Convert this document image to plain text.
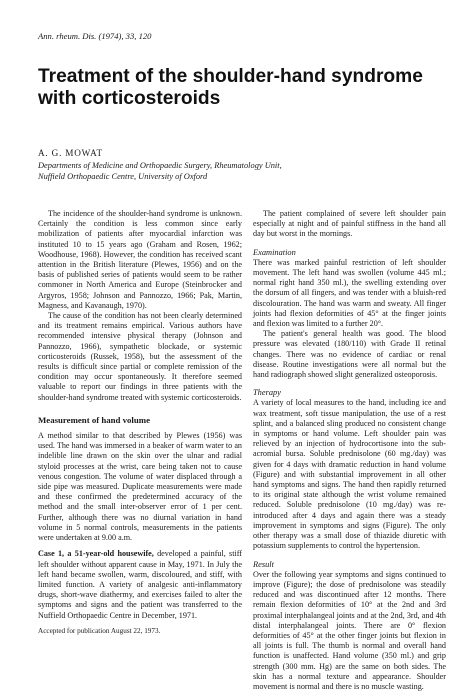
Ann. rheum. Dis. (1974), 33, 120
Treatment of the shoulder-hand syndrome with corticosteroids
A. G. MOWAT
Departments of Medicine and Orthopaedic Surgery, Rheumatology Unit,
Nuffield Orthopaedic Centre, University of Oxford

The incidence of the shoulder-hand syndrome is unknown. Certainly the condition is less common since early mobilization of patients after myocardial infarction was instituted 10 to 15 years ago (Graham and Rosen, 1962; Woodhouse, 1968). However, the condition has received scant attention in the British literature (Plewes, 1956) and on the basis of published series of patients would seem to be rather commoner in North America and Europe (Steinbrocker and Argyros, 1958; Johnson and Pannozzo, 1966; Pak, Martin, Magness, and Kavanaugh, 1970).

The cause of the condition has not been clearly determined and its treatment remains empirical. Various authors have recommended intensive physical therapy (Johnson and Pannozzo, 1966), sympathetic blockade, or systemic corticosteroids (Russek, 1958), but the assessment of the results is difficult since partial or complete remission of the condition may occur spontaneously. It therefore seemed valuable to report our findings in three patients with the shoulder-hand syndrome treated with systemic corticosteroids.

Measurement of hand volume

A method similar to that described by Plewes (1956) was used. The hand was immersed in a beaker of warm water to an indelible line drawn on the skin over the ulnar and radial styloid processes at the wrist, care being taken not to cause venous congestion. The volume of water displaced through a side pipe was measured. Duplicate measurements were made and these confirmed the predetermined accuracy of the method and the small inter-observer error of 1 per cent. Further, although there was no diurnal variation in hand volume in 5 normal controls, measurements in the patients were undertaken at 9.00 a.m.

Case 1, a 51-year-old housewife, developed a painful, stiff left shoulder without apparent cause in May, 1971. In July the left hand became swollen, warm, discoloured, and stiff, with limited function. A variety of analgesic anti-inflammatory drugs, short-wave diathermy, and exercises failed to alter the symptoms and signs and the patient was transferred to the Nuffield Orthopaedic Centre in December, 1971.

Accepted for publication August 22, 1973.

The patient complained of severe left shoulder pain especially at night and of painful stiffness in the hand all day but worst in the mornings.

Examination

There was marked painful restriction of left shoulder movement. The left hand was swollen (volume 445 ml.; normal right hand 350 ml.), the swelling extending over the dorsum of all fingers, and was tender with a bluish-red discolouration. The hand was warm and sweaty. All finger joints had flexion deformities of 45° at the finger joints and flexion was limited to a further 20°.

The patient's general health was good. The blood pressure was elevated (180/110) with Grade II retinal changes. There was no evidence of cardiac or renal disease. Routine investigations were all normal but the hand radiograph showed slight generalized osteoporosis.

Therapy

A variety of local measures to the hand, including ice and wax treatment, soft tissue manipulation, the use of a rest splint, and a balanced sling produced no consistent change in symptoms or hand volume. Left shoulder pain was relieved by an injection of hydrocortisone into the sub-acromial bursa. Soluble prednisolone (60 mg./day) was given for 4 days with dramatic reduction in hand volume (Figure) and with substantial improvement in all other hand symptoms and signs. The hand then rapidly returned to its original state although the wrist volume remained reduced. Soluble prednisolone (10 mg./day) was re-introduced after 4 days and again there was a steady improvement in symptoms and signs (Figure). The only other therapy was a small dose of thiazide diuretic with potassium supplements to control the hypertension.

Result

Over the following year symptoms and signs continued to improve (Figure); the dose of prednisolone was steadily reduced and was discontinued after 12 months. There remain flexion deformities of 10° at the 2nd and 3rd proximal interphalangeal joints and at the 2nd, 3rd, and 4th distal interphalangeal joints. There are 0° flexion deformities of 45° at the other finger joints but flexion in all joints is full. The thumb is normal and overall hand function is unaffected. Hand volume (350 ml.) and grip strength (300 mm. Hg) are the same on both sides. The skin has a normal texture and appearance. Shoulder movement is normal and there is no muscle wasting.
